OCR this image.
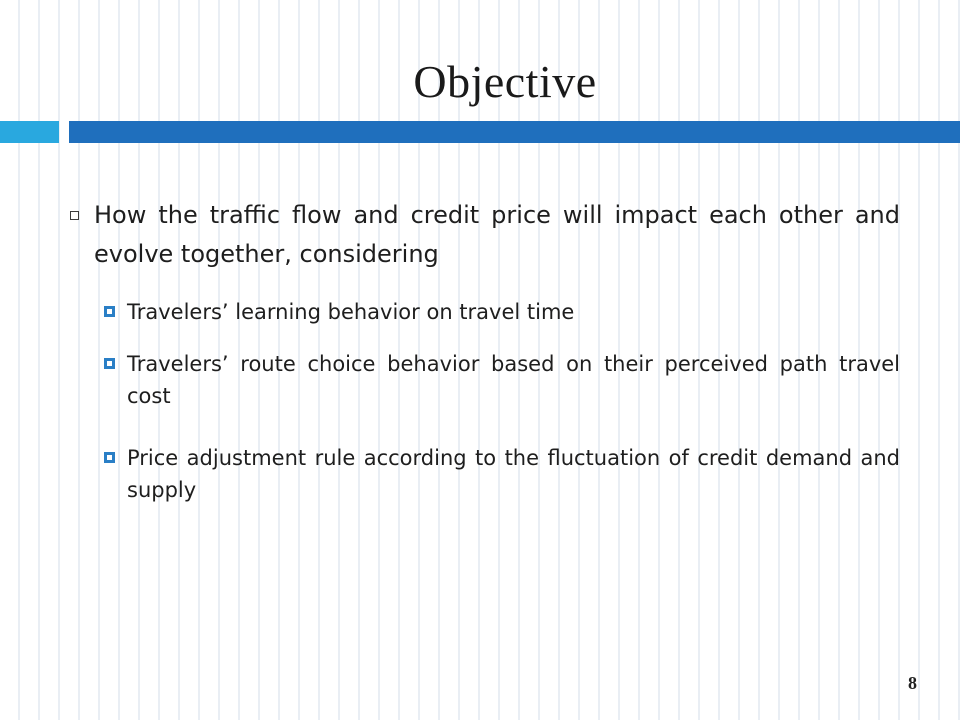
Objective
How the traffic flow and credit price will impact each other and evolve together, considering
Travelers’ learning behavior on travel time
Travelers’ route choice behavior based on their perceived path travel cost
Price adjustment rule according to the fluctuation of credit demand and supply
8
